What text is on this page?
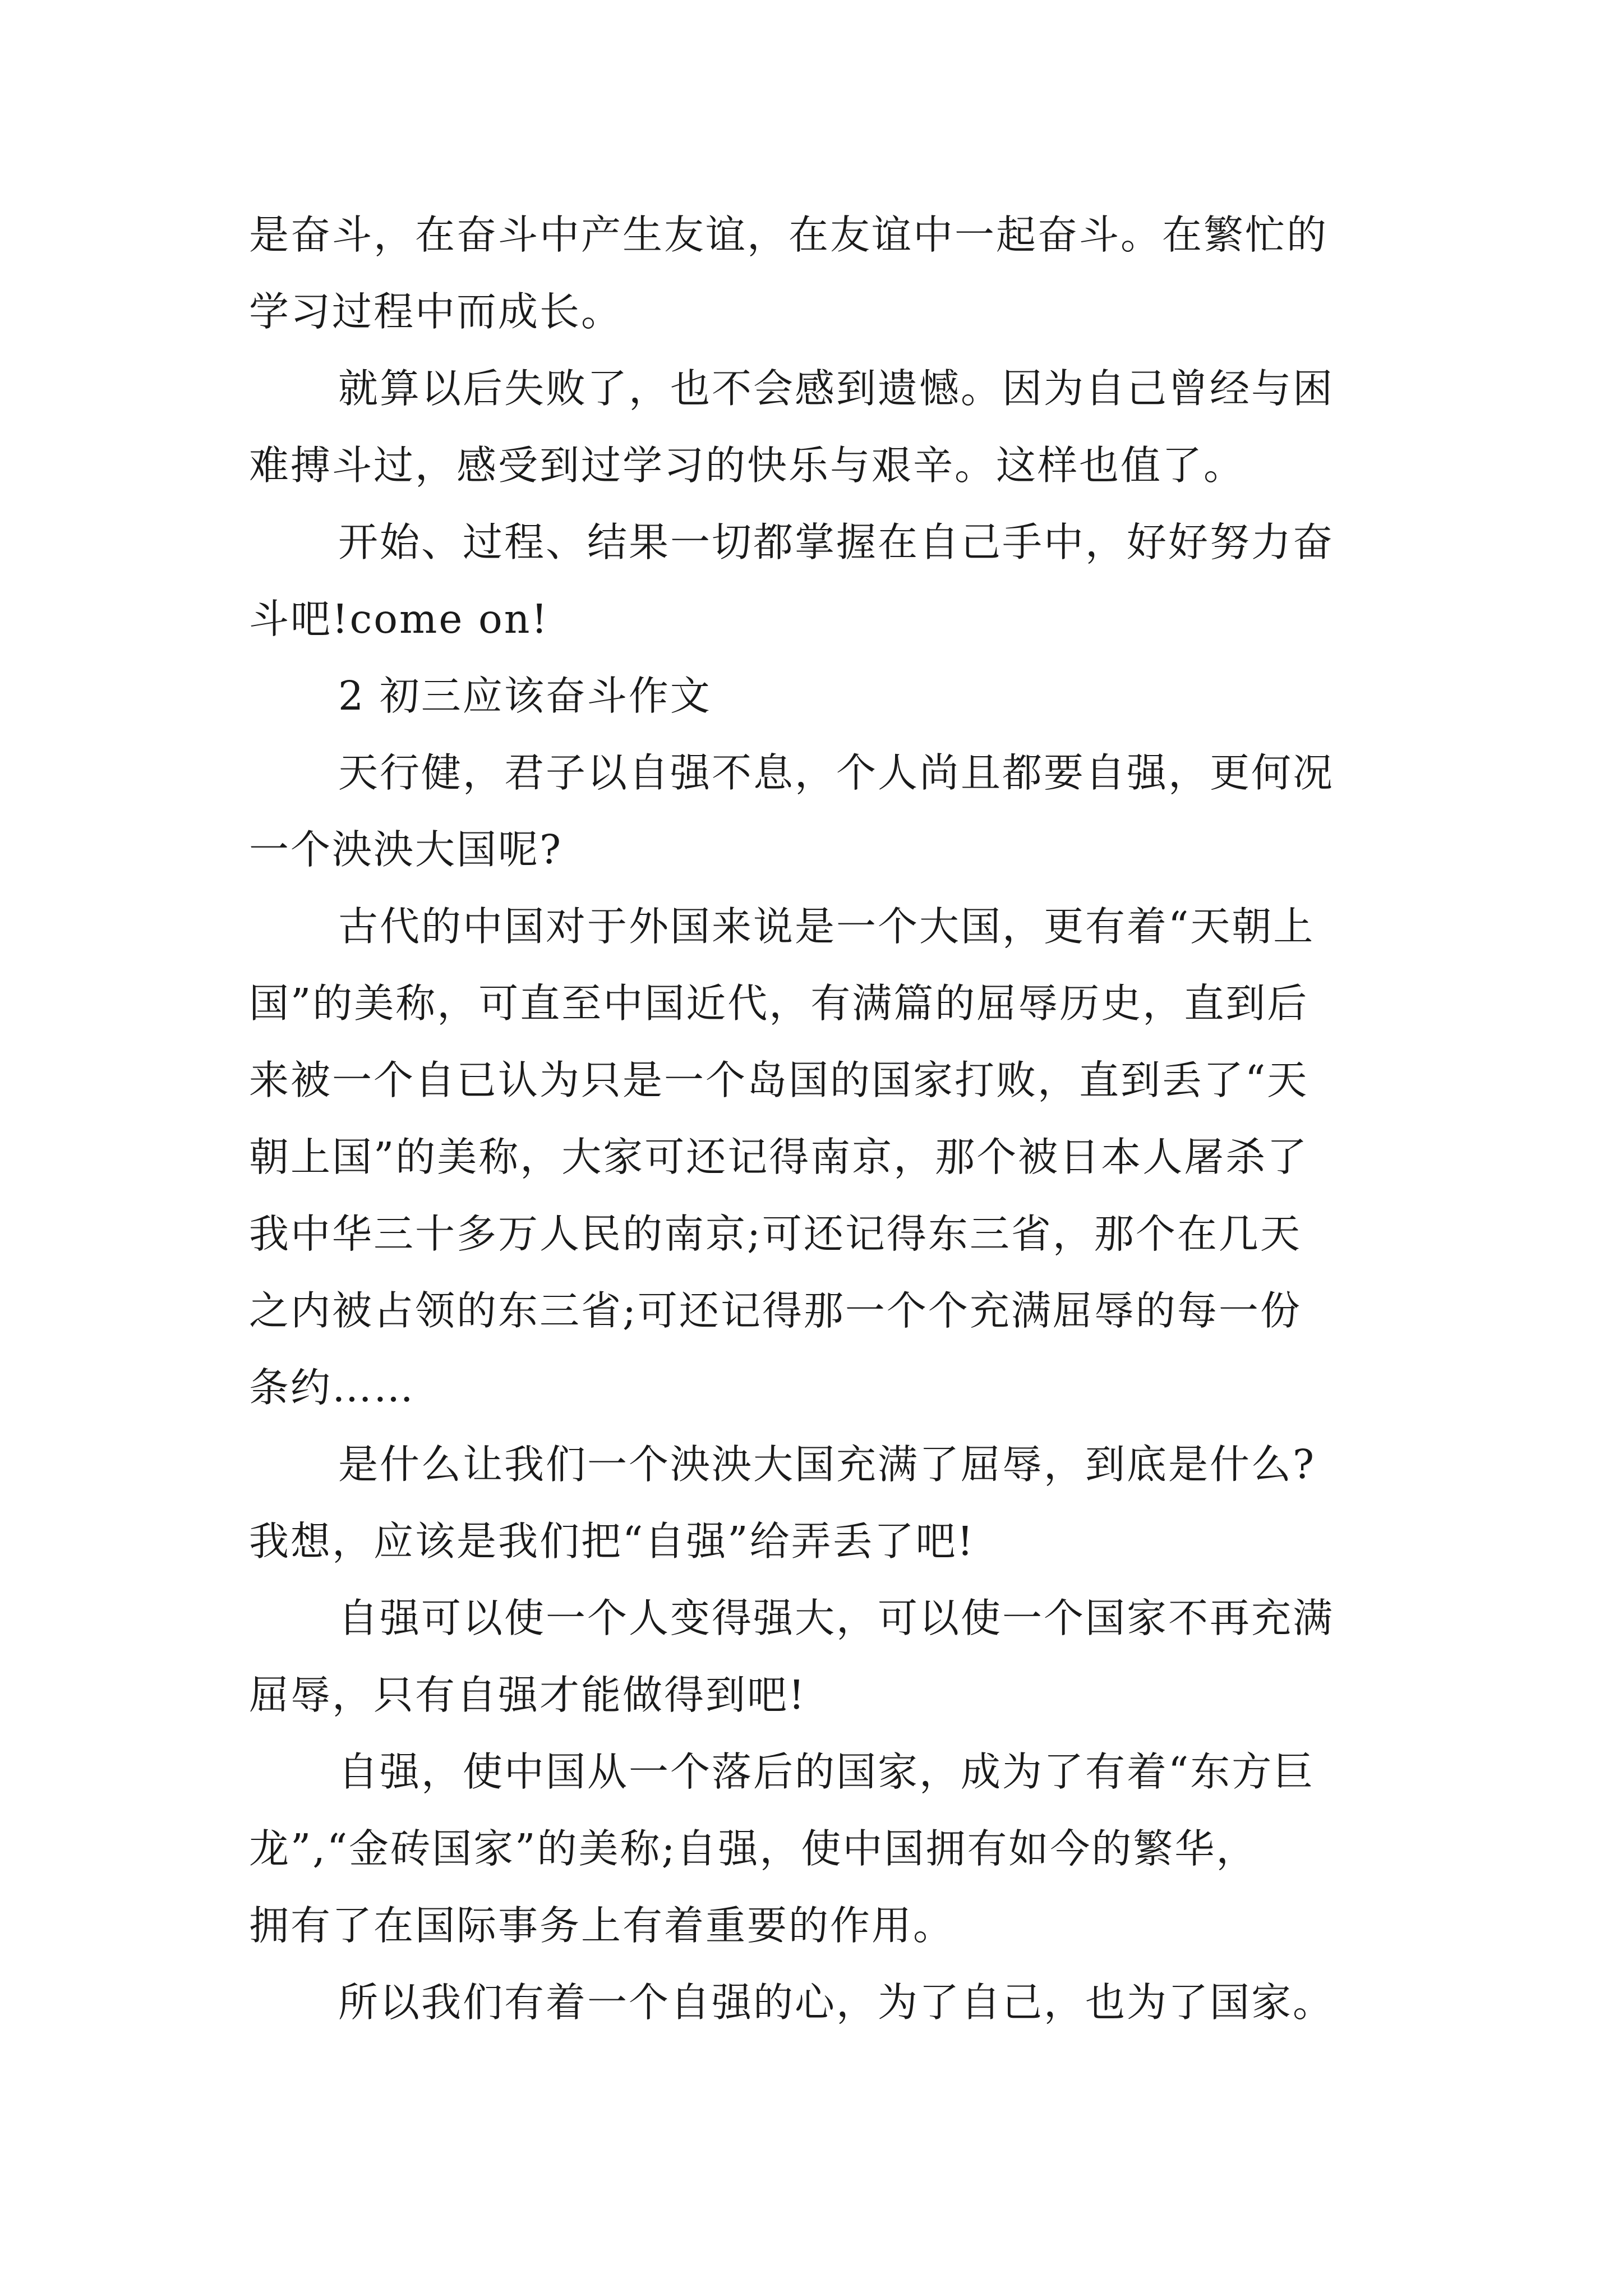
是奋斗，在奋斗中产生友谊，在友谊中一起奋斗。在繁忙的
学习过程中而成长。
就算以后失败了，也不会感到遗憾。因为自己曾经与困
难搏斗过，感受到过学习的快乐与艰辛。这样也值了。
开始、过程、结果一切都掌握在自己手中，好好努力奋
斗吧!come on!
2 初三应该奋斗作文
天行健，君子以自强不息，个人尚且都要自强，更何况
一个泱泱大国呢?
古代的中国对于外国来说是一个大国，更有着“天朝上
国”的美称，可直至中国近代，有满篇的屈辱历史，直到后
来被一个自已认为只是一个岛国的国家打败，直到丢了“天
朝上国”的美称，大家可还记得南京，那个被日本人屠杀了
我中华三十多万人民的南京;可还记得东三省，那个在几天
之内被占领的东三省;可还记得那一个个充满屈辱的每一份
条约……
是什么让我们一个泱泱大国充满了屈辱，到底是什么?
我想，应该是我们把“自强”给弄丢了吧!
自强可以使一个人变得强大，可以使一个国家不再充满
屈辱，只有自强才能做得到吧!
自强，使中国从一个落后的国家，成为了有着“东方巨
龙”,“金砖国家”的美称;自强，使中国拥有如今的繁华，
拥有了在国际事务上有着重要的作用。
所以我们有着一个自强的心，为了自己，也为了国家。
